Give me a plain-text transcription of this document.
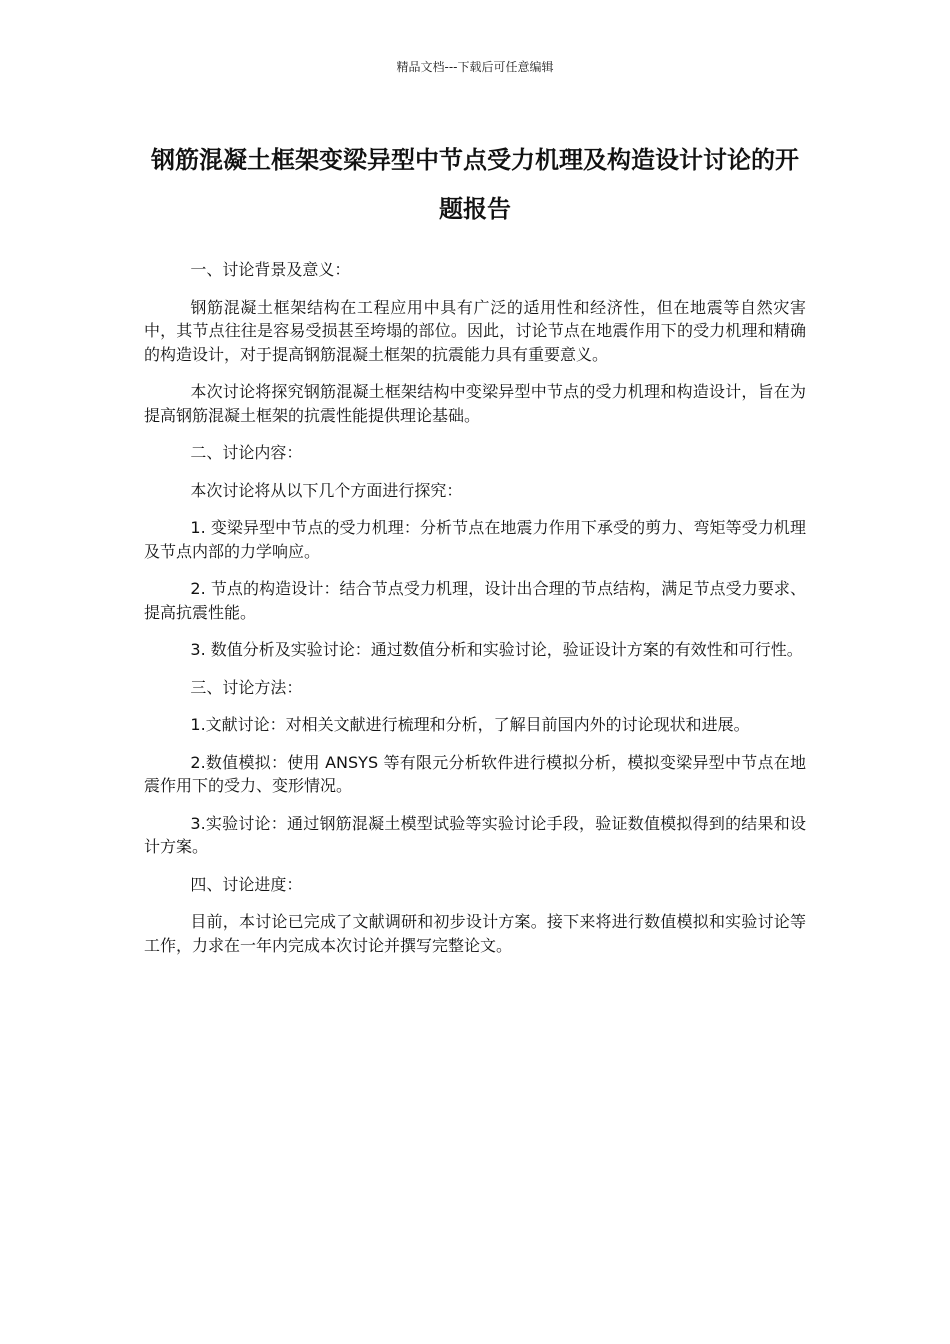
精品文档---下载后可任意编辑
钢筋混凝土框架变梁异型中节点受力机理及构造设计讨论的开题报告

一、讨论背景及意义：

钢筋混凝土框架结构在工程应用中具有广泛的适用性和经济性，但在地震等自然灾害中，其节点往往是容易受损甚至垮塌的部位。因此，讨论节点在地震作用下的受力机理和精确的构造设计，对于提高钢筋混凝土框架的抗震能力具有重要意义。

本次讨论将探究钢筋混凝土框架结构中变梁异型中节点的受力机理和构造设计，旨在为提高钢筋混凝土框架的抗震性能提供理论基础。

二、讨论内容：

本次讨论将从以下几个方面进行探究：

1. 变梁异型中节点的受力机理：分析节点在地震力作用下承受的剪力、弯矩等受力机理及节点内部的力学响应。

2. 节点的构造设计：结合节点受力机理，设计出合理的节点结构，满足节点受力要求、提高抗震性能。

3. 数值分析及实验讨论：通过数值分析和实验讨论，验证设计方案的有效性和可行性。

三、讨论方法：

1.文献讨论：对相关文献进行梳理和分析，了解目前国内外的讨论现状和进展。

2.数值模拟：使用 ANSYS 等有限元分析软件进行模拟分析，模拟变梁异型中节点在地震作用下的受力、变形情况。

3.实验讨论：通过钢筋混凝土模型试验等实验讨论手段，验证数值模拟得到的结果和设计方案。

四、讨论进度：

目前，本讨论已完成了文献调研和初步设计方案。接下来将进行数值模拟和实验讨论等工作，力求在一年内完成本次讨论并撰写完整论文。
